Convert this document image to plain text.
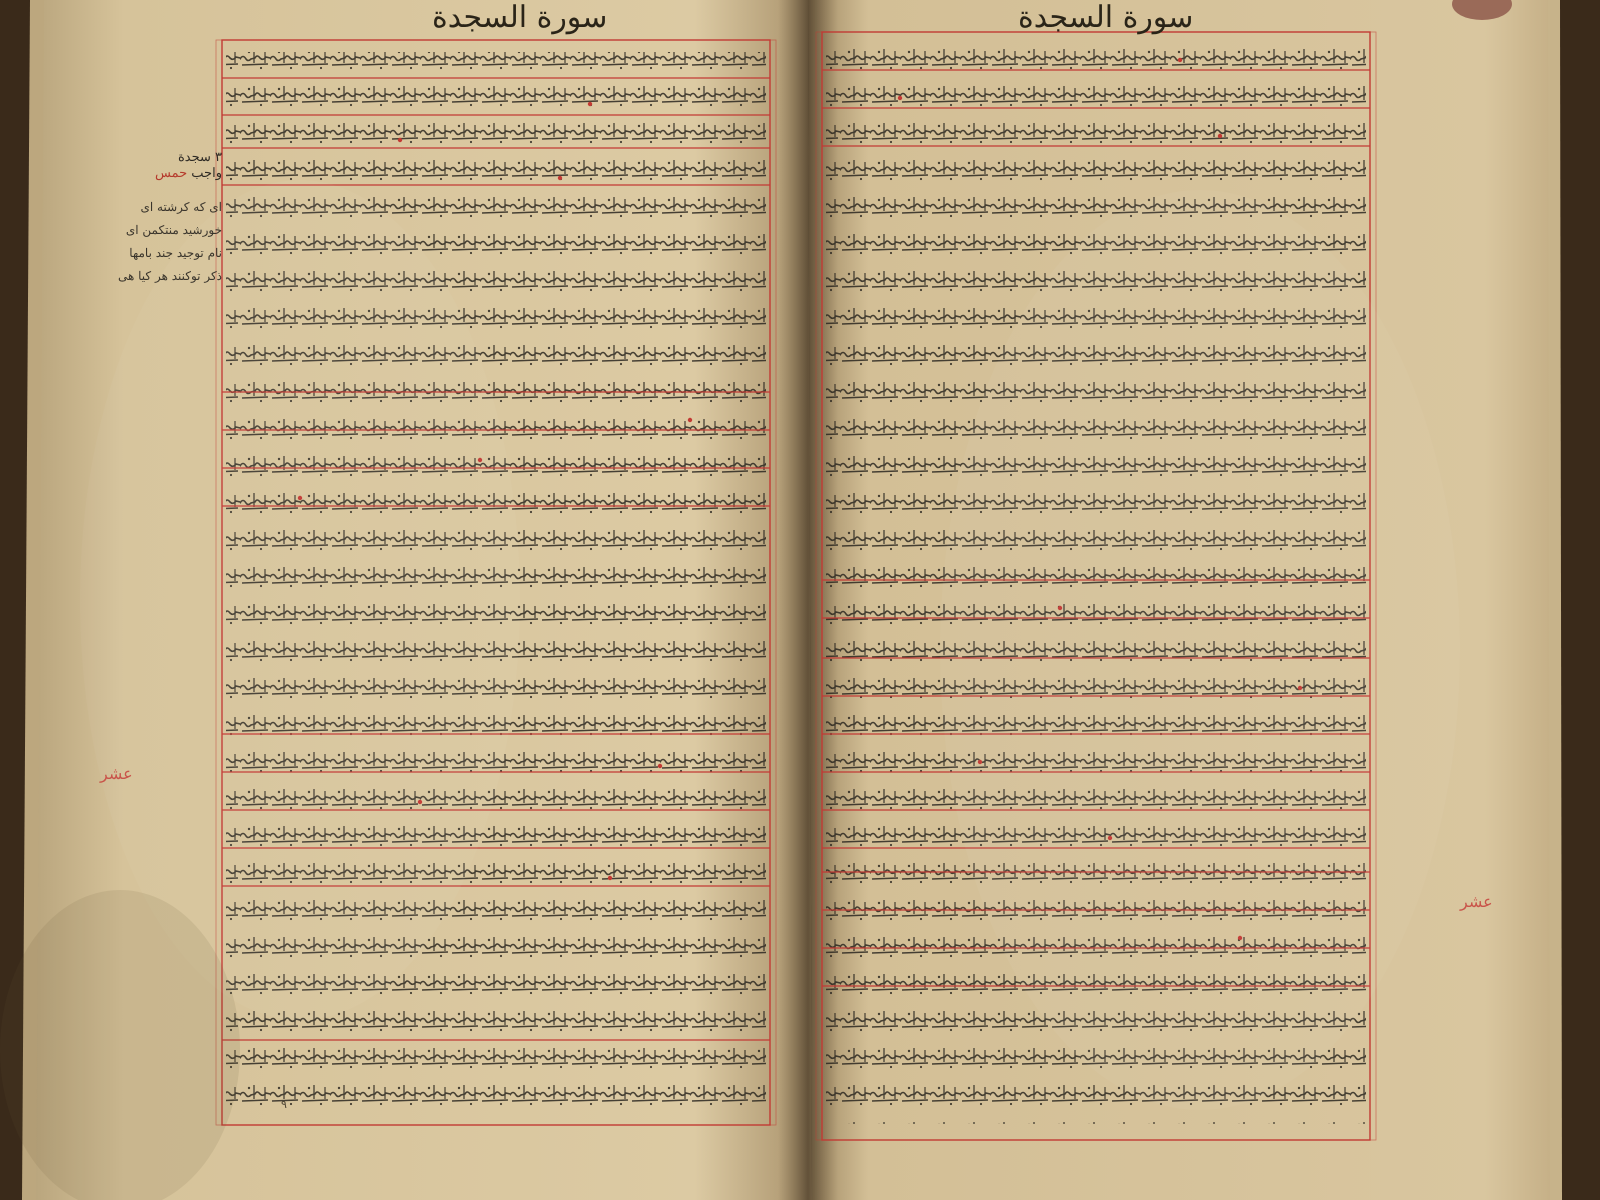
سورة السجدة	سورة السجدة
٣ سجدة
واجب حمس
ای که کرشته ای
خورشید منتکمن ای
نام توجید جند بامها
ذکر توکنند هر کیا هی
عشر
عشر
٩
